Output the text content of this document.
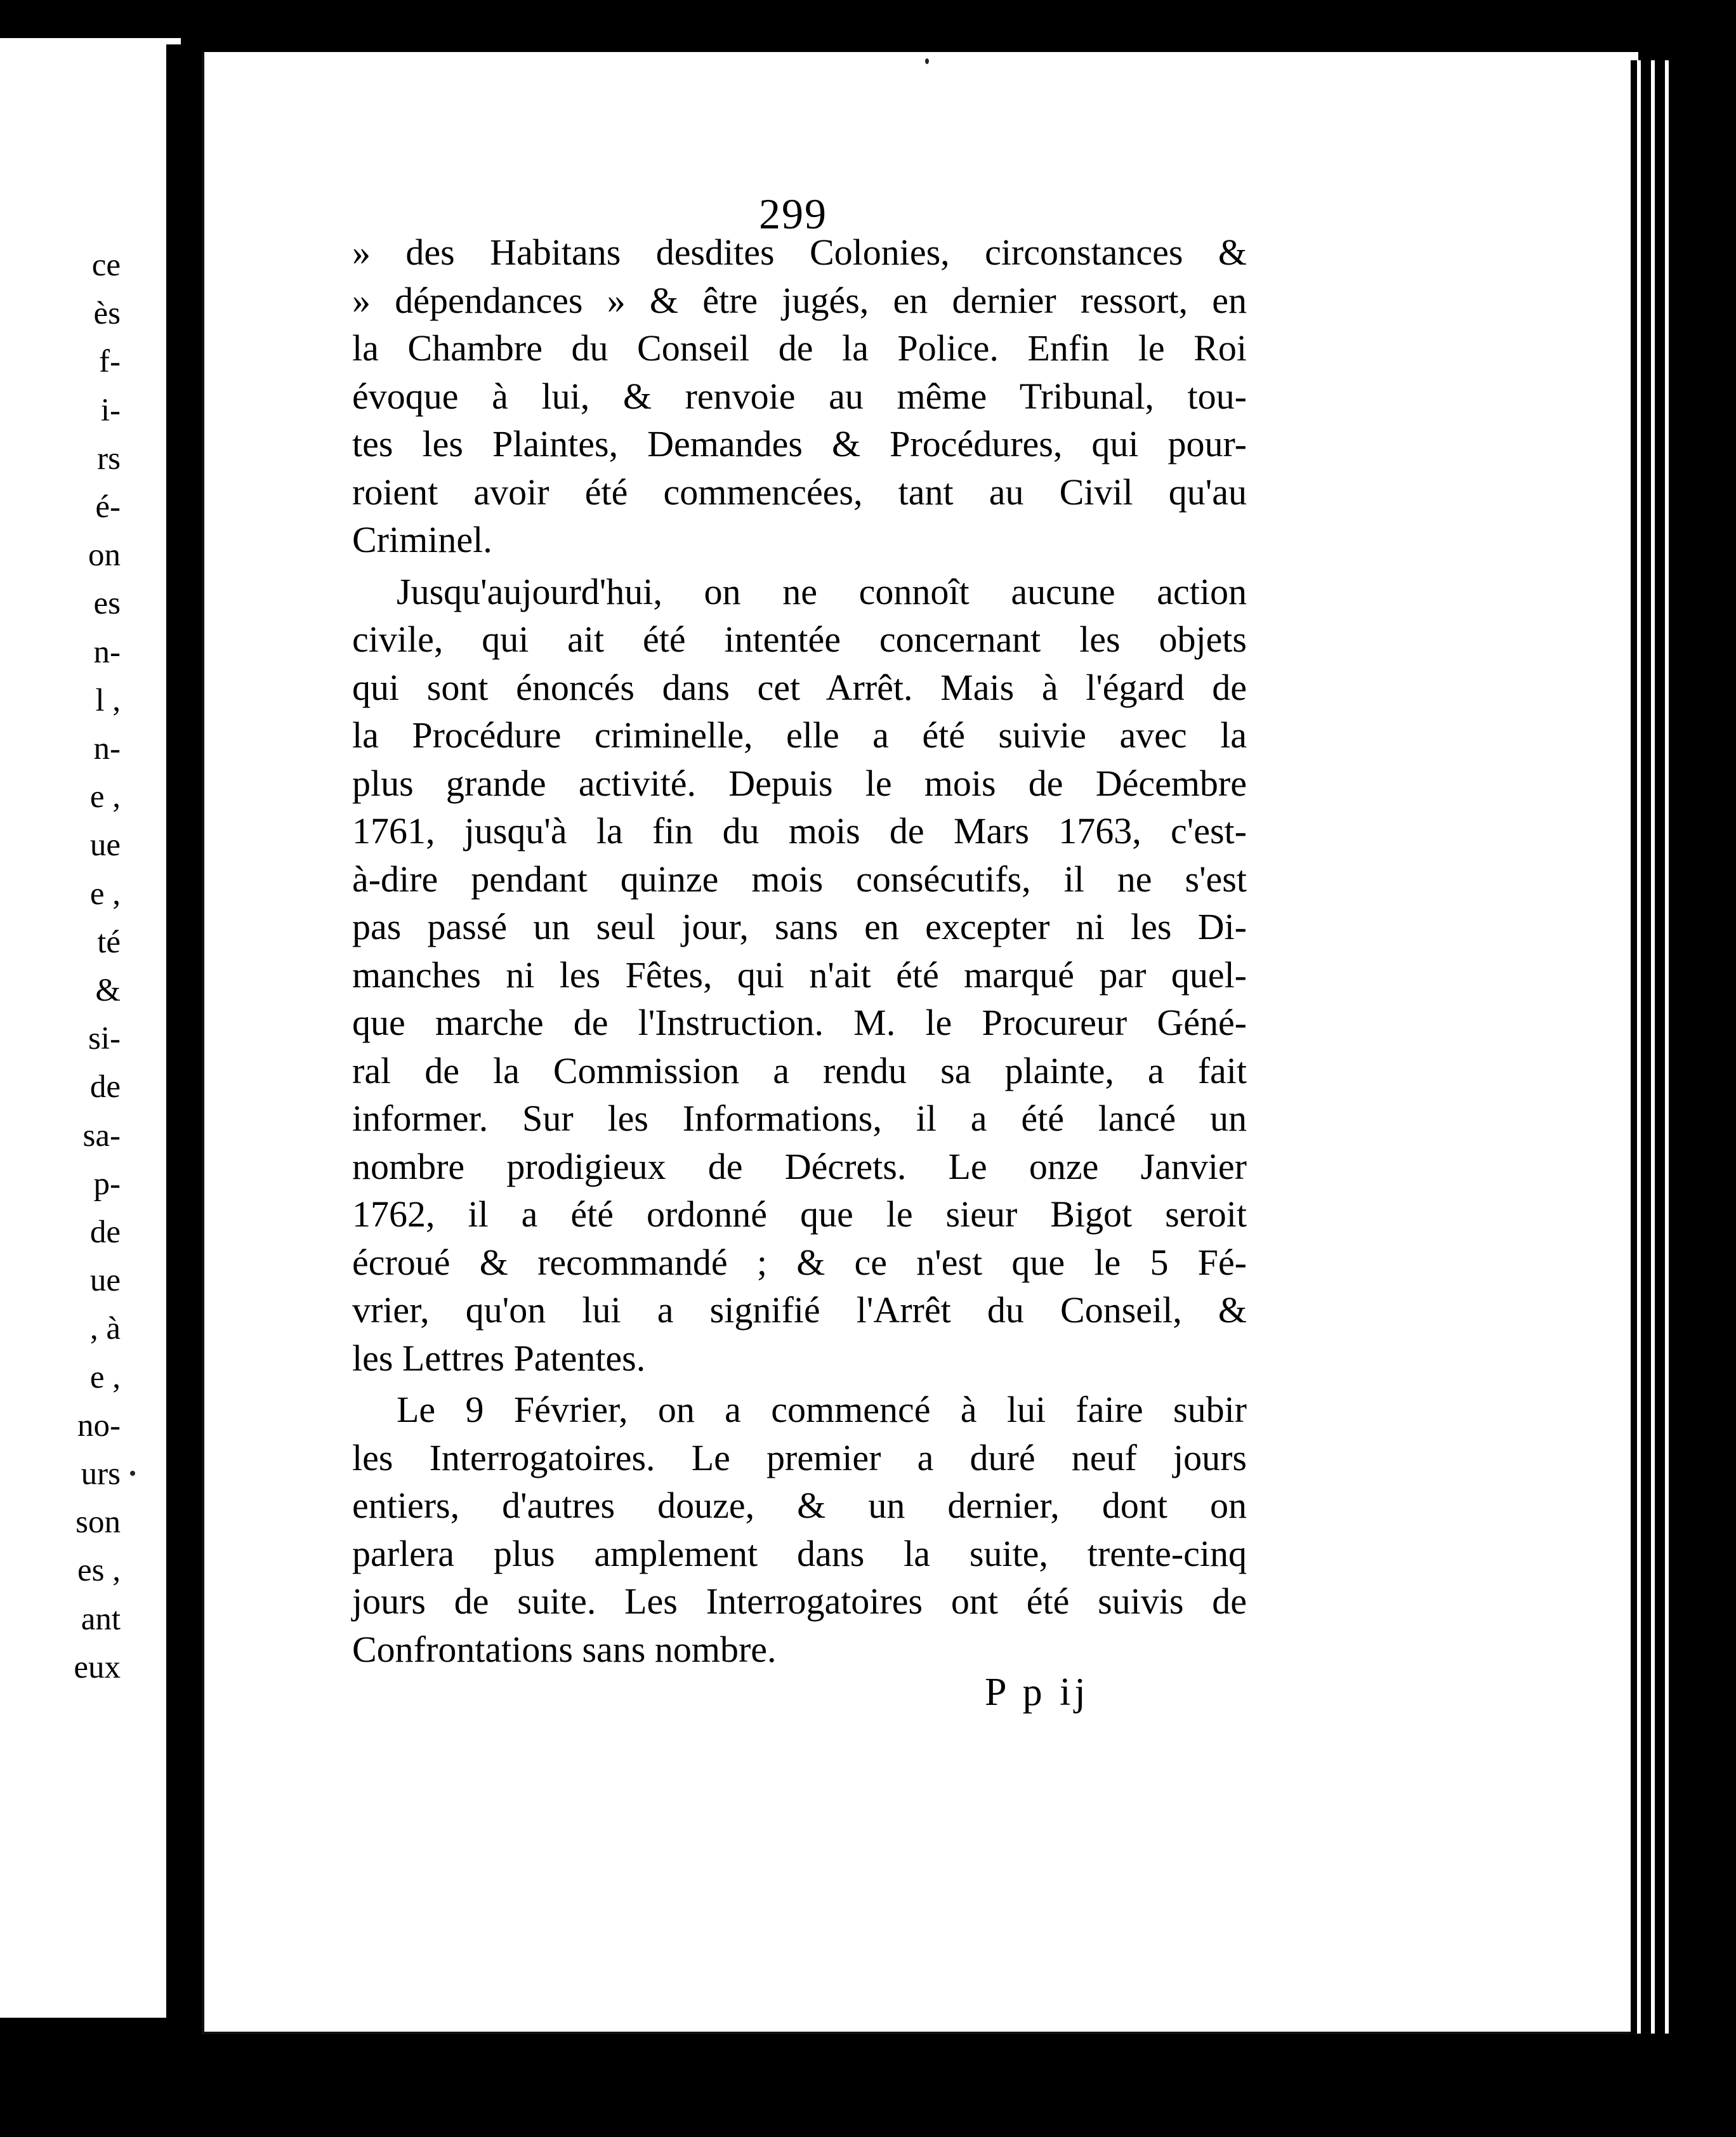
ce
ès
f-
i-
rs
é-
on
es
n-
l ,
n-
e ,
ue
e ,
té
&
si-
de
sa-
p-
de
ue
, à
e ,
no-
urs
son
es ,
ant
eux
299
» des Habitans desdites Colonies, circonstances &
» dépendances » & être jugés, en dernier ressort, en
la Chambre du Conseil de la Police. Enfin le Roi
évoque à lui, & renvoie au même Tribunal, tou-
tes les Plaintes, Demandes & Procédures, qui pour-
roient avoir été commencées, tant au Civil qu'au
Criminel.
Jusqu'aujourd'hui, on ne connoît aucune action
civile, qui ait été intentée concernant les objets
qui sont énoncés dans cet Arrêt. Mais à l'égard de
la Procédure criminelle, elle a été suivie avec la
plus grande activité. Depuis le mois de Décembre
1761, jusqu'à la fin du mois de Mars 1763, c'est-
à-dire pendant quinze mois consécutifs, il ne s'est
pas passé un seul jour, sans en excepter ni les Di-
manches ni les Fêtes, qui n'ait été marqué par quel-
que marche de l'Instruction. M. le Procureur Géné-
ral de la Commission a rendu sa plainte, a fait
informer. Sur les Informations, il a été lancé un
nombre prodigieux de Décrets. Le onze Janvier
1762, il a été ordonné que le sieur Bigot seroit
écroué & recommandé ; & ce n'est que le 5 Fé-
vrier, qu'on lui a signifié l'Arrêt du Conseil, &
les Lettres Patentes.
Le 9 Février, on a commencé à lui faire subir
les Interrogatoires. Le premier a duré neuf jours
entiers, d'autres douze, & un dernier, dont on
parlera plus amplement dans la suite, trente-cinq
jours de suite. Les Interrogatoires ont été suivis de
Confrontations sans nombre.
P p ij
